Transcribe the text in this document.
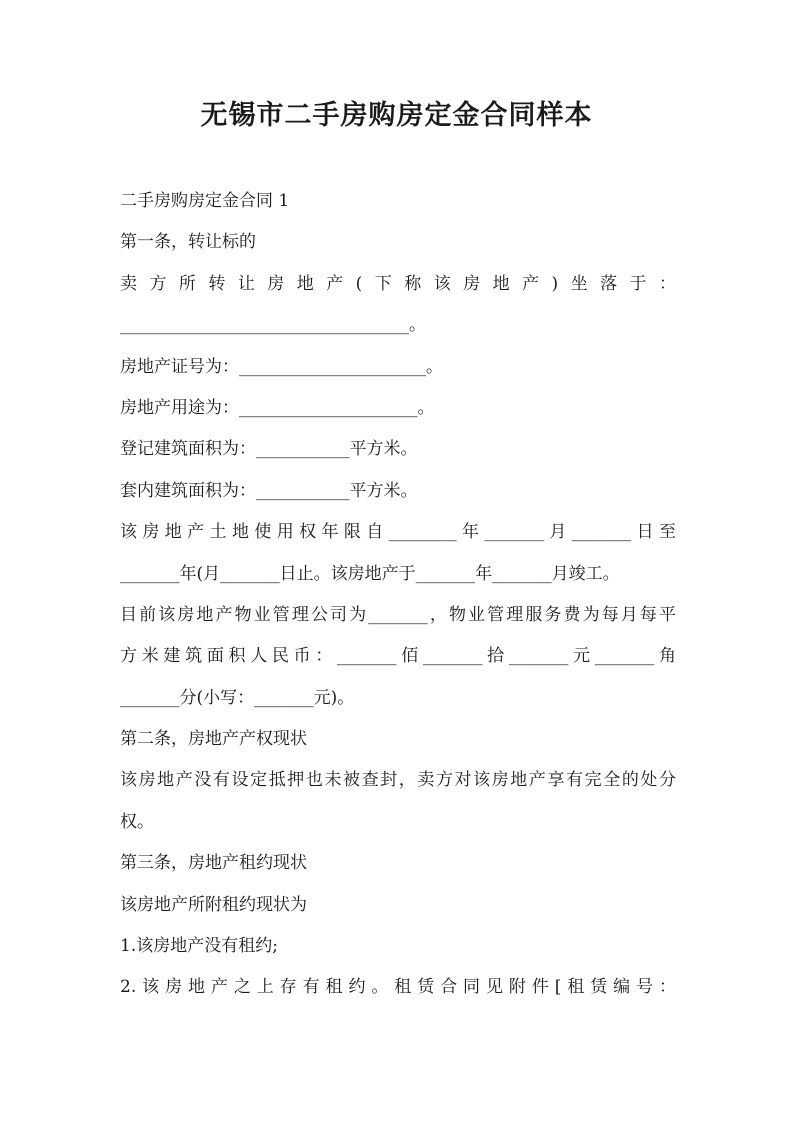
无锡市二手房购房定金合同样本
二手房购房定金合同 1
第一条，转让标的
卖方所转让房地产(下称该房地产)坐落于：
__________________________________。
房地产证号为：______________________。
房地产用途为：_____________________。
登记建筑面积为：___________平方米。
套内建筑面积为：___________平方米。
该房地产土地使用权年限自________年_______月_______日至
_______年(月_______日止。该房地产于_______年_______月竣工。
目前该房地产物业管理公司为_______，物业管理服务费为每月每平
方米建筑面积人民币：_______佰_______拾_______元_______角
_______分(小写：_______元)。
第二条，房地产产权现状
该房地产没有设定抵押也未被查封，卖方对该房地产享有完全的处分
权。
第三条，房地产租约现状
该房地产所附租约现状为
1.该房地产没有租约;
2.该房地产之上存有租约。租赁合同见附件[租赁编号：
